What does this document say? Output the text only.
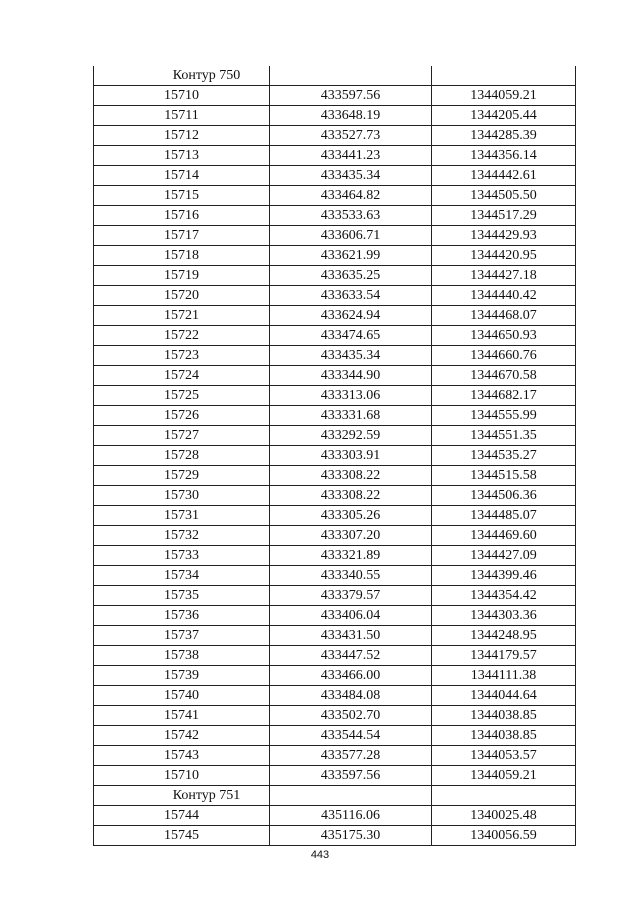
Контур 750		
15710	433597.56	1344059.21
15711	433648.19	1344205.44
15712	433527.73	1344285.39
15713	433441.23	1344356.14
15714	433435.34	1344442.61
15715	433464.82	1344505.50
15716	433533.63	1344517.29
15717	433606.71	1344429.93
15718	433621.99	1344420.95
15719	433635.25	1344427.18
15720	433633.54	1344440.42
15721	433624.94	1344468.07
15722	433474.65	1344650.93
15723	433435.34	1344660.76
15724	433344.90	1344670.58
15725	433313.06	1344682.17
15726	433331.68	1344555.99
15727	433292.59	1344551.35
15728	433303.91	1344535.27
15729	433308.22	1344515.58
15730	433308.22	1344506.36
15731	433305.26	1344485.07
15732	433307.20	1344469.60
15733	433321.89	1344427.09
15734	433340.55	1344399.46
15735	433379.57	1344354.42
15736	433406.04	1344303.36
15737	433431.50	1344248.95
15738	433447.52	1344179.57
15739	433466.00	1344111.38
15740	433484.08	1344044.64
15741	433502.70	1344038.85
15742	433544.54	1344038.85
15743	433577.28	1344053.57
15710	433597.56	1344059.21
Контур 751		
15744	435116.06	1340025.48
15745	435175.30	1340056.59
443
